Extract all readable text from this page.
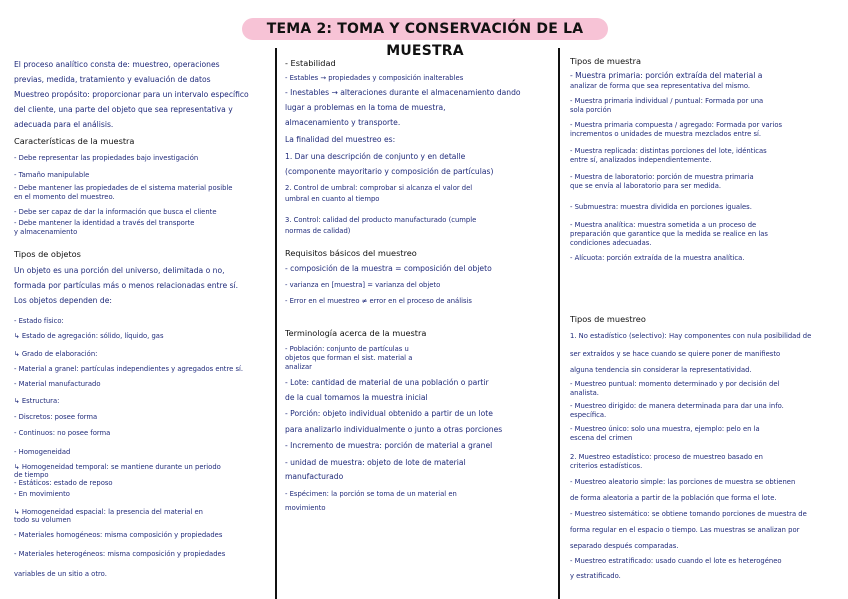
TEMA 2: TOMA Y CONSERVACIÓN DE LA MUESTRA
El proceso analítico consta de: muestreo, operaciones
previas, medida, tratamiento y evaluación de datos
Muestreo propósito: proporcionar para un intervalo específico
del cliente, una parte del objeto que sea representativa y
adecuada para el análisis.
Características de la muestra
- Debe representar las propiedades bajo investigación
- Tamaño manipulable
- Debe mantener las propiedades de el sistema material posible
en el momento del muestreo.
- Debe ser capaz de dar la información que busca el cliente
- Debe mantener la identidad a través del transporte
y almacenamiento
Tipos de objetos
Un objeto es una porción del universo, delimitada o no,
formada por partículas más o menos relacionadas entre sí.
Los objetos dependen de:
- Estado físico:
↳ Estado de agregación: sólido, líquido, gas
↳ Grado de elaboración:
- Material a granel: partículas independientes y agregados entre sí.
- Material manufacturado
↳ Estructura:
- Discretos: posee forma
- Continuos: no posee forma
- Homogeneidad
↳ Homogeneidad temporal: se mantiene durante un periodo
de tiempo
- Estáticos: estado de reposo
- En movimiento
↳ Homogeneidad espacial: la presencia del material en
todo su volumen
- Materiales homogéneos: misma composición y propiedades
- Materiales heterogéneos: misma composición y propiedades
variables de un sitio a otro.
- Estabilidad
- Estables → propiedades y composición inalterables
- Inestables → alteraciones durante el almacenamiento dando
lugar a problemas en la toma de muestra,
almacenamiento y transporte.
La finalidad del muestreo es:
1. Dar una descripción de conjunto y en detalle
(componente mayoritario y composición de partículas)
2. Control de umbral: comprobar si alcanza el valor del
umbral en cuanto al tiempo
3. Control: calidad del producto manufacturado (cumple
normas de calidad)
Requisitos básicos del muestreo
- composición de la muestra = composición del objeto
- varianza en [muestra] = varianza del objeto
- Error en el muestreo ≠ error en el proceso de análisis
Terminología acerca de la muestra
- Población: conjunto de partículas u
objetos que forman el sist. material a
analizar
- Lote: cantidad de material de una población o partir
de la cual tomamos la muestra inicial
- Porción: objeto individual obtenido a partir de un lote
para analizarlo individualmente o junto a otras porciones
- Incremento de muestra: porción de material a granel
- unidad de muestra: objeto de lote de material
manufacturado
- Espécimen: la porción se toma de un material en
movimiento
Tipos de muestra
- Muestra primaria: porción extraída del material a
analizar de forma que sea representativa del mismo.
- Muestra primaria individual / puntual: Formada por una
sola porción
- Muestra primaria compuesta / agregado: Formada por varios
incrementos o unidades de muestra mezclados entre sí.
- Muestra replicada: distintas porciones del lote, idénticas
entre sí, analizados independientemente.
- Muestra de laboratorio: porción de muestra primaria
que se envía al laboratorio para ser medida.
- Submuestra: muestra dividida en porciones iguales.
- Muestra analítica: muestra sometida a un proceso de
preparación que garantice que la medida se realice en las
condiciones adecuadas.
- Alícuota: porción extraída de la muestra analítica.
Tipos de muestreo
1. No estadístico (selectivo): Hay componentes con nula posibilidad de
ser extraídos y se hace cuando se quiere poner de manifiesto
alguna tendencia sin considerar la representatividad.
- Muestreo puntual: momento determinado y por decisión del
analista.
- Muestreo dirigido: de manera determinada para dar una info.
específica.
- Muestreo único: solo una muestra, ejemplo: pelo en la
escena del crimen
2. Muestreo estadístico: proceso de muestreo basado en
criterios estadísticos.
- Muestreo aleatorio simple: las porciones de muestra se obtienen
de forma aleatoria a partir de la población que forma el lote.
- Muestreo sistemático: se obtiene tomando porciones de muestra de
forma regular en el espacio o tiempo. Las muestras se analizan por
separado después comparadas.
- Muestreo estratificado: usado cuando el lote es heterogéneo
y estratificado.
